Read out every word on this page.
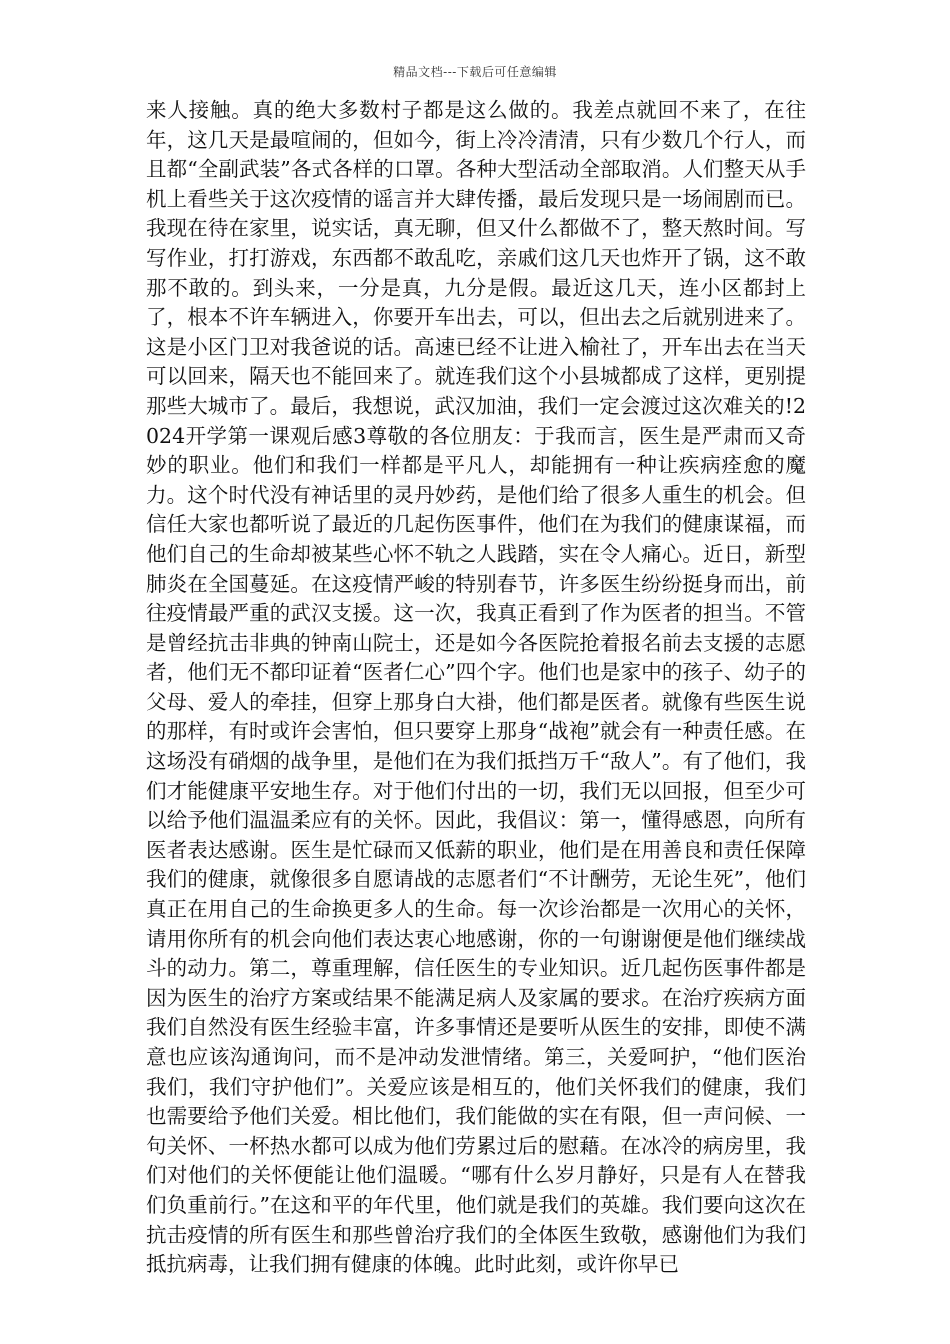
精品文档---下载后可任意编辑

来人接触。真的绝大多数村子都是这么做的。我差点就回不来了，在往年，这几天是最喧闹的，但如今，街上冷冷清清，只有少数几个行人，而且都“全副武装”各式各样的口罩。各种大型活动全部取消。人们整天从手机上看些关于这次疫情的谣言并大肆传播，最后发现只是一场闹剧而已。我现在待在家里，说实话，真无聊，但又什么都做不了，整天熬时间。写写作业，打打游戏，东西都不敢乱吃，亲戚们这几天也炸开了锅，这不敢那不敢的。到头来，一分是真，九分是假。最近这几天，连小区都封上了，根本不许车辆进入，你要开车出去，可以，但出去之后就别进来了。这是小区门卫对我爸说的话。高速已经不让进入榆社了，开车出去在当天可以回来，隔天也不能回来了。就连我们这个小县城都成了这样，更别提那些大城市了。最后，我想说，武汉加油，我们一定会渡过这次难关的!2024开学第一课观后感3尊敬的各位朋友：于我而言，医生是严肃而又奇妙的职业。他们和我们一样都是平凡人，却能拥有一种让疾病痊愈的魔力。这个时代没有神话里的灵丹妙药，是他们给了很多人重生的机会。但信任大家也都听说了最近的几起伤医事件，他们在为我们的健康谋福，而他们自己的生命却被某些心怀不轨之人践踏，实在令人痛心。近日，新型肺炎在全国蔓延。在这疫情严峻的特别春节，许多医生纷纷挺身而出，前往疫情最严重的武汉支援。这一次，我真正看到了作为医者的担当。不管是曾经抗击非典的钟南山院士，还是如今各医院抢着报名前去支援的志愿者，他们无不都印证着“医者仁心”四个字。他们也是家中的孩子、幼子的父母、爱人的牵挂，但穿上那身白大褂，他们都是医者。就像有些医生说的那样，有时或许会害怕，但只要穿上那身“战袍”就会有一种责任感。在这场没有硝烟的战争里，是他们在为我们抵挡万千“敌人”。有了他们，我们才能健康平安地生存。对于他们付出的一切，我们无以回报，但至少可以给予他们温温柔应有的关怀。因此，我倡议：第一，懂得感恩，向所有医者表达感谢。医生是忙碌而又低薪的职业，他们是在用善良和责任保障我们的健康，就像很多自愿请战的志愿者们“不计酬劳，无论生死”，他们真正在用自己的生命换更多人的生命。每一次诊治都是一次用心的关怀，请用你所有的机会向他们表达衷心地感谢，你的一句谢谢便是他们继续战斗的动力。第二，尊重理解，信任医生的专业知识。近几起伤医事件都是因为医生的治疗方案或结果不能满足病人及家属的要求。在治疗疾病方面我们自然没有医生经验丰富，许多事情还是要听从医生的安排，即使不满意也应该沟通询问，而不是冲动发泄情绪。第三，关爱呵护，“他们医治我们，我们守护他们”。关爱应该是相互的，他们关怀我们的健康，我们也需要给予他们关爱。相比他们，我们能做的实在有限，但一声问候、一句关怀、一杯热水都可以成为他们劳累过后的慰藉。在冰冷的病房里，我们对他们的关怀便能让他们温暖。“哪有什么岁月静好，只是有人在替我们负重前行。”在这和平的年代里，他们就是我们的英雄。我们要向这次在抗击疫情的所有医生和那些曾治疗我们的全体医生致敬，感谢他们为我们抵抗病毒，让我们拥有健康的体魄。此时此刻，或许你早已
